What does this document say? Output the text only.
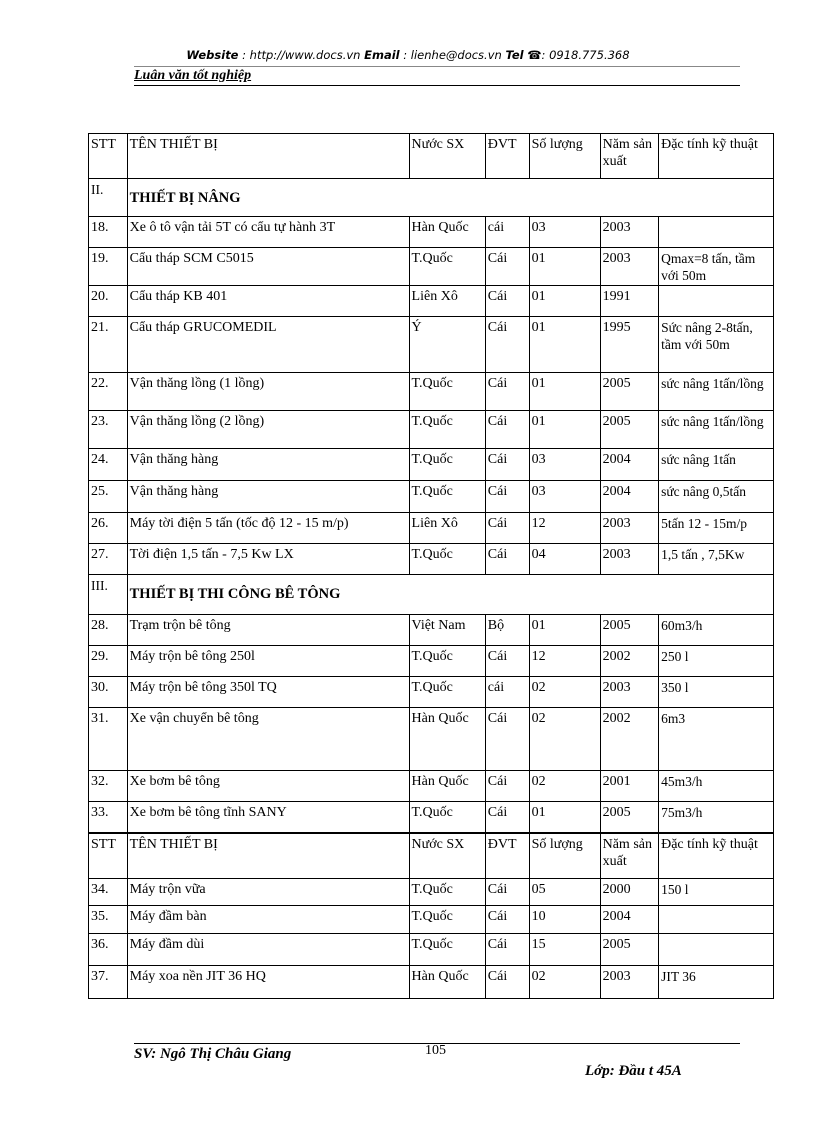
Website : http://www.docs.vn Email : lienhe@docs.vn Tel ☎: 0918.775.368
Luân văn tốt nghiệp
STT	TÊN THIẾT BỊ	Nước SX	ĐVT	Số lượng	Năm sản xuất	Đặc tính kỹ thuật
II.	THIẾT BỊ NÂNG					

18.	Xe ô tô vận tải 5T có cẩu tự hành 3T	Hàn Quốc	cái	03	2003	
19.	Cẩu tháp SCM C5015	T.Quốc	Cái	01	2003	Qmax=8 tấn, tầm với 50m
20.	Cẩu tháp KB 401	Liên Xô	Cái	01	1991	
21.	Cẩu tháp GRUCOMEDIL	Ý	Cái	01	1995	Sức nâng 2-8tấn, tầm với 50m
22.	Vận thăng lồng (1 lồng)	T.Quốc	Cái	01	2005	sức nâng 1tấn/lồng
23.	Vận thăng lồng (2 lồng)	T.Quốc	Cái	01	2005	sức nâng 1tấn/lồng
24.	Vận thăng hàng	T.Quốc	Cái	03	2004	sức nâng 1tấn
25.	Vận thăng hàng	T.Quốc	Cái	03	2004	sức nâng 0,5tấn
26.	Máy tời điện 5 tấn (tốc độ 12 - 15 m/p)	Liên Xô	Cái	12	2003	5tấn 12 - 15m/p
27.	Tời điện 1,5 tấn - 7,5 Kw LX	T.Quốc	Cái	04	2003	1,5 tấn , 7,5Kw
III.	THIẾT BỊ THI CÔNG BÊ TÔNG					

28.	Trạm trộn bê tông	Việt Nam	Bộ	01	2005	60m3/h
29.	Máy trộn bê tông 250l	T.Quốc	Cái	12	2002	250 l
30.	Máy trộn bê tông 350l TQ	T.Quốc	cái	02	2003	350 l
31.	Xe vận chuyển bê tông	Hàn Quốc	Cái	02	2002	6m3
32.	Xe bơm bê tông	Hàn Quốc	Cái	02	2001	45m3/h
33.	Xe bơm bê tông tĩnh SANY	T.Quốc	Cái	01	2005	75m3/h
STT	TÊN THIẾT BỊ	Nước SX	ĐVT	Số lượng	Năm sản xuất	Đặc tính kỹ thuật
34.	Máy trộn vữa	T.Quốc	Cái	05	2000	150 l
35.	Máy đầm bàn	T.Quốc	Cái	10	2004	
36.	Máy đầm dùi	T.Quốc	Cái	15	2005	
37.	Máy xoa nền JIT 36 HQ	Hàn Quốc	Cái	02	2003	JIT 36
SV: Ngô Thị Châu Giang	105
Lớp: Đầu t 45A
